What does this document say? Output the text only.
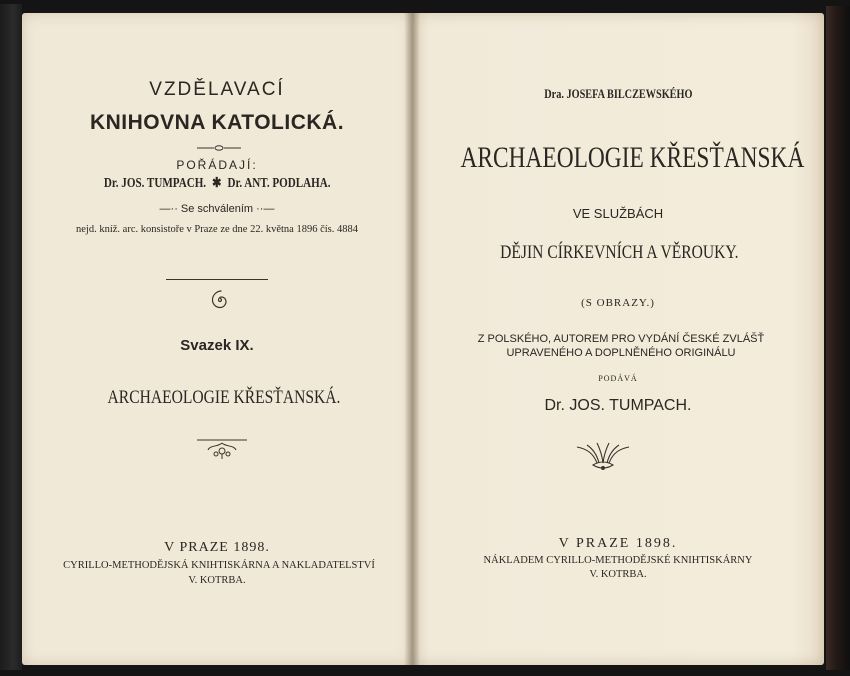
VZDĚLAVACÍ
KNIHOVNA KATOLICKÁ.
POŘÁDAJÍ:
Dr. JOS. TUMPACH. ✱ Dr. ANT. PODLAHA.
—·· Se schválením ··—
nejd. kníž. arc. konsistoře v Praze ze dne 22. května 1896 čís. 4884
Svazek IX.
ARCHAEOLOGIE KŘESŤANSKÁ.
V PRAZE 1898.
CYRILLO-METHODĚJSKÁ KNIHTISKÁRNA A NAKLADATELSTVÍ
V. KOTRBA.
Dra. JOSEFA BILCZEWSKÉHO
ARCHAEOLOGIE KŘESŤANSKÁ
VE SLUŽBÁCH
DĚJIN CÍRKEVNÍCH A VĚROUKY.
(S OBRAZY.)
Z POLSKÉHO, AUTOREM PRO VYDÁNÍ ČESKÉ ZVLÁŠŤ
UPRAVENÉHO A DOPLNĚNÉHO ORIGINÁLU
PODÁVÁ
Dr. JOS. TUMPACH.
V PRAZE 1898.
NÁKLADEM CYRILLO-METHODĚJSKÉ KNIHTISKÁRNY
V. KOTRBA.
